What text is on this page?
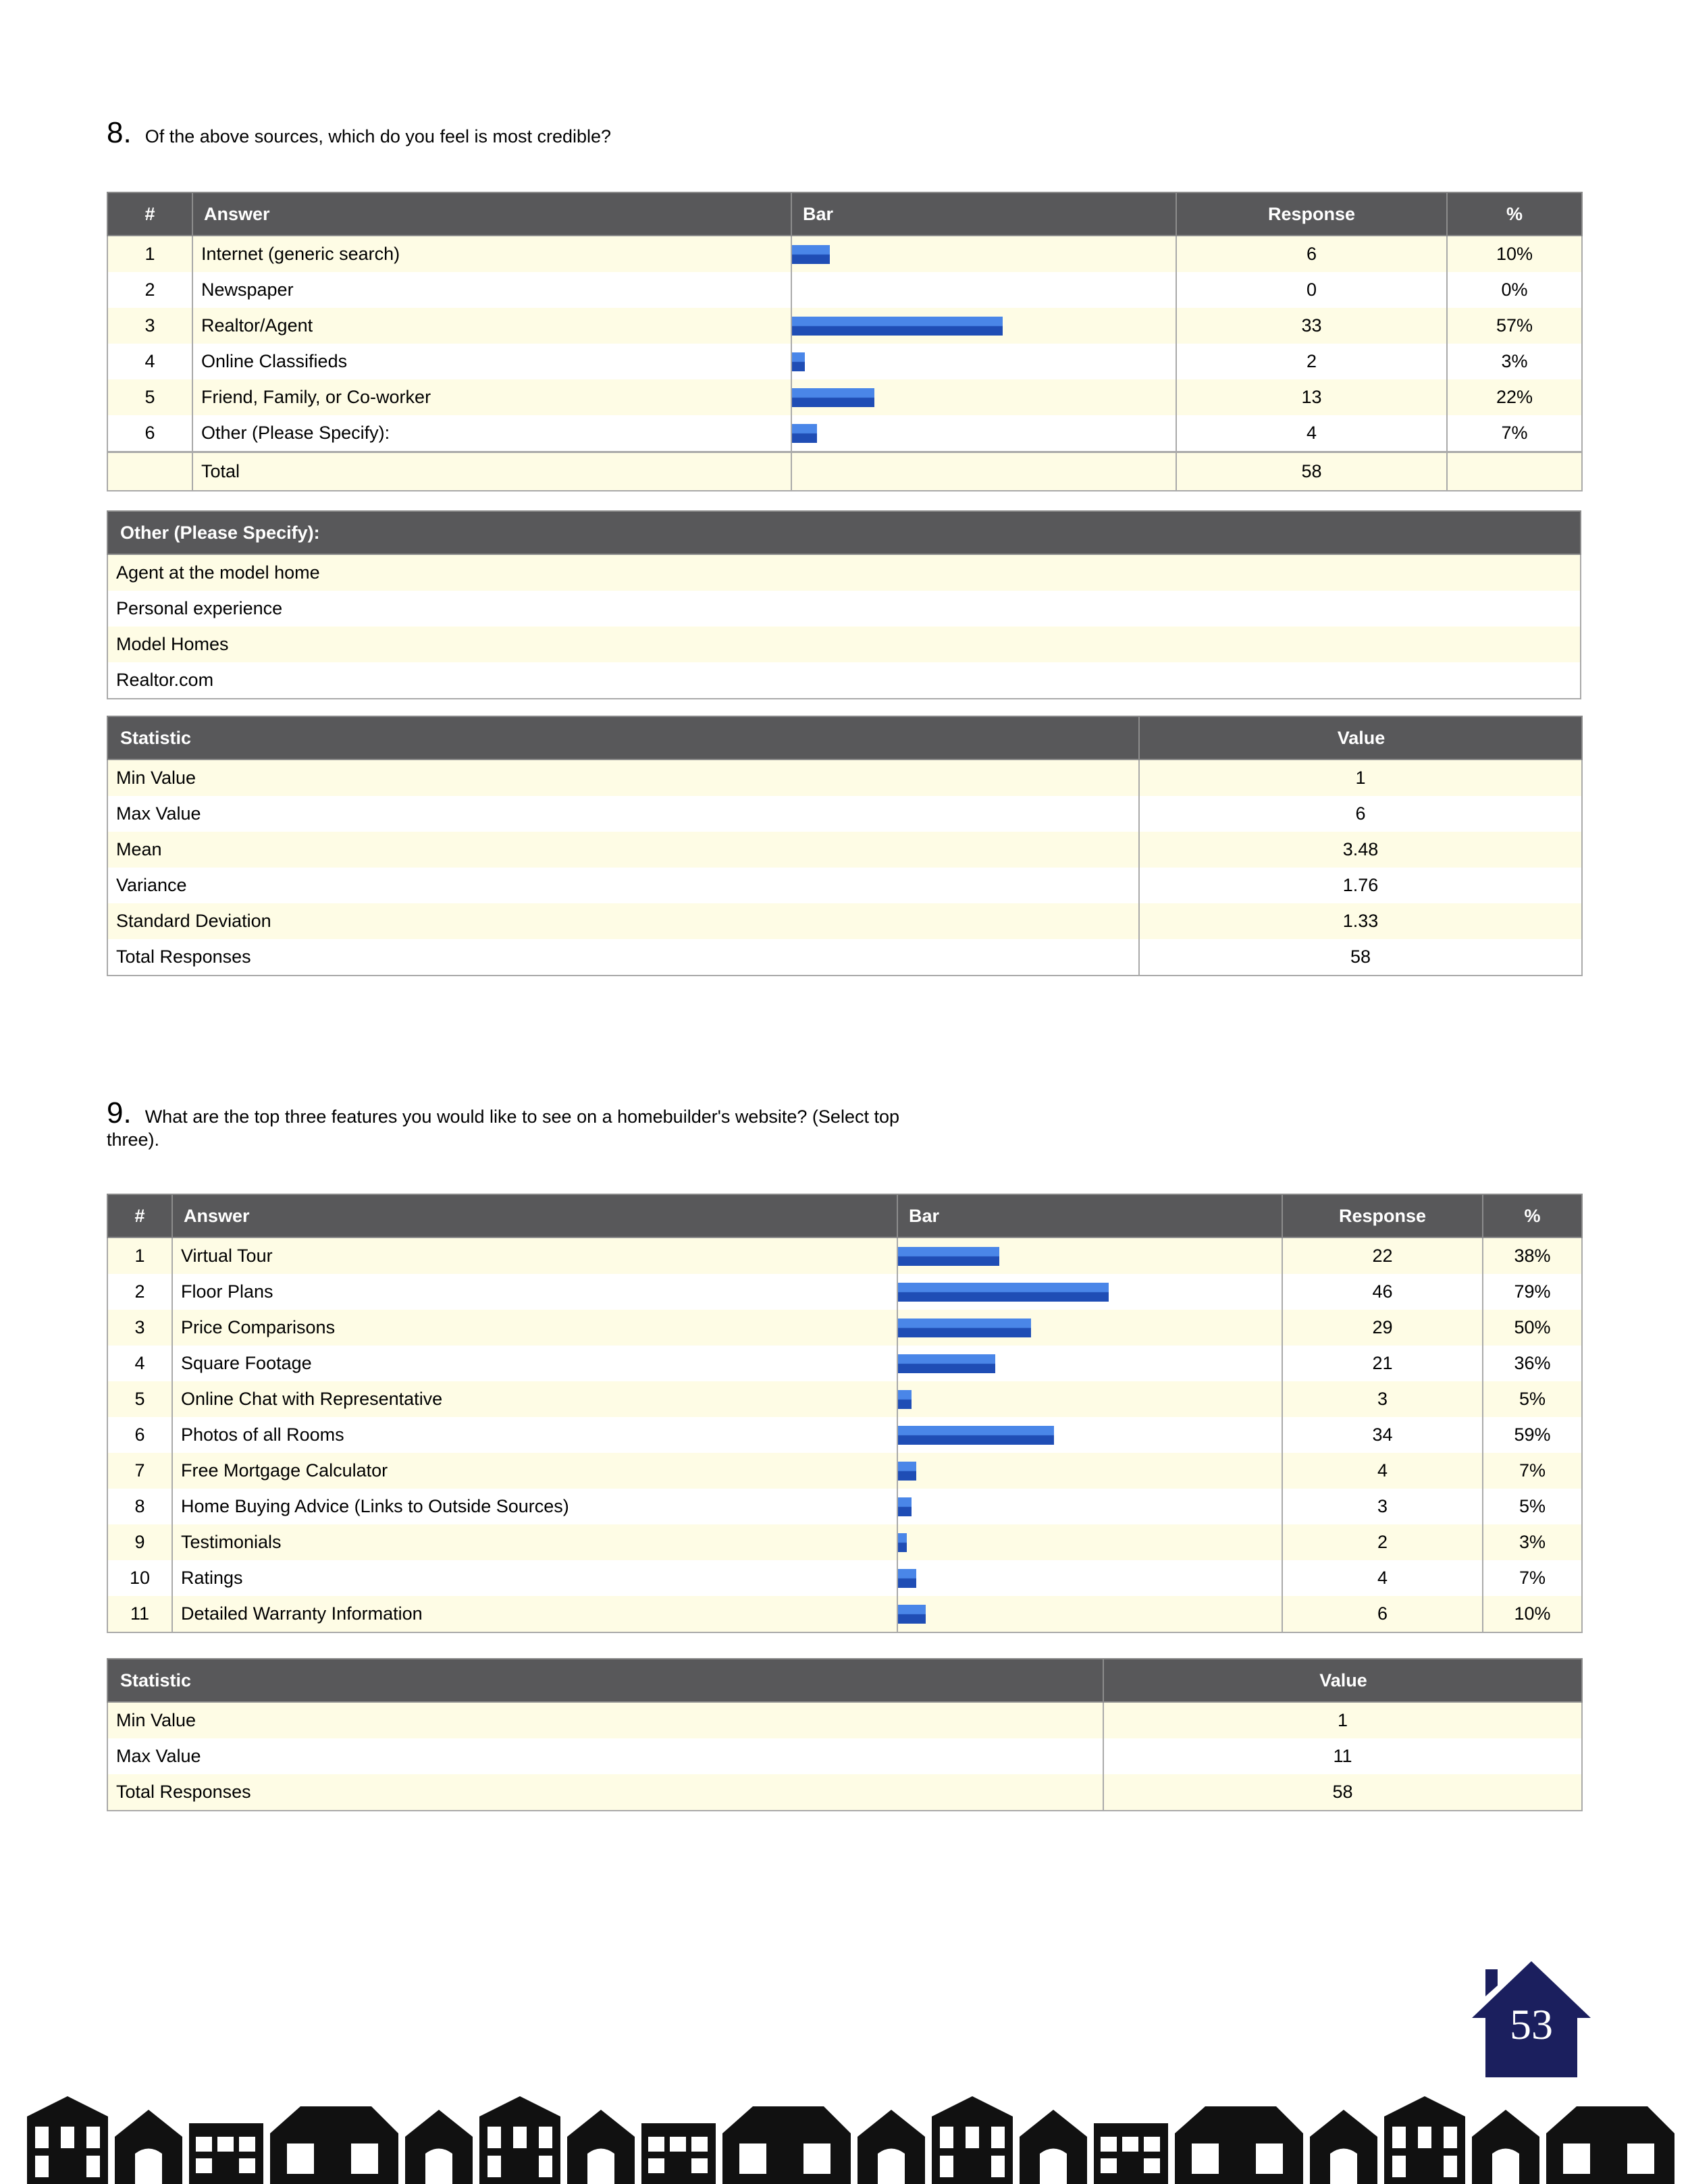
8. Of the above sources, which do you feel is most credible?
#	Answer	Bar	Response	%
1	Internet (generic search)		6	10%
2	Newspaper		0	0%
3	Realtor/Agent		33	57%
4	Online Classifieds		2	3%
5	Friend, Family, or Co-worker		13	22%
6	Other (Please Specify):		4	7%
	Total		58	
Other (Please Specify):
Agent at the model home
Personal experience
Model Homes
Realtor.com
Statistic	Value
Min Value	1
Max Value	6
Mean	3.48
Variance	1.76
Standard Deviation	1.33
Total Responses	58
9. What are the top three features you would like to see on a homebuilder's website? (Select top three).
#	Answer	Bar	Response	%
1	Virtual Tour		22	38%
2	Floor Plans		46	79%
3	Price Comparisons		29	50%
4	Square Footage		21	36%
5	Online Chat with Representative		3	5%
6	Photos of all Rooms		34	59%
7	Free Mortgage Calculator		4	7%
8	Home Buying Advice (Links to Outside Sources)		3	5%
9	Testimonials		2	3%
10	Ratings		4	7%
11	Detailed Warranty Information		6	10%
Statistic	Value
Min Value	1
Max Value	11
Total Responses	58
53
